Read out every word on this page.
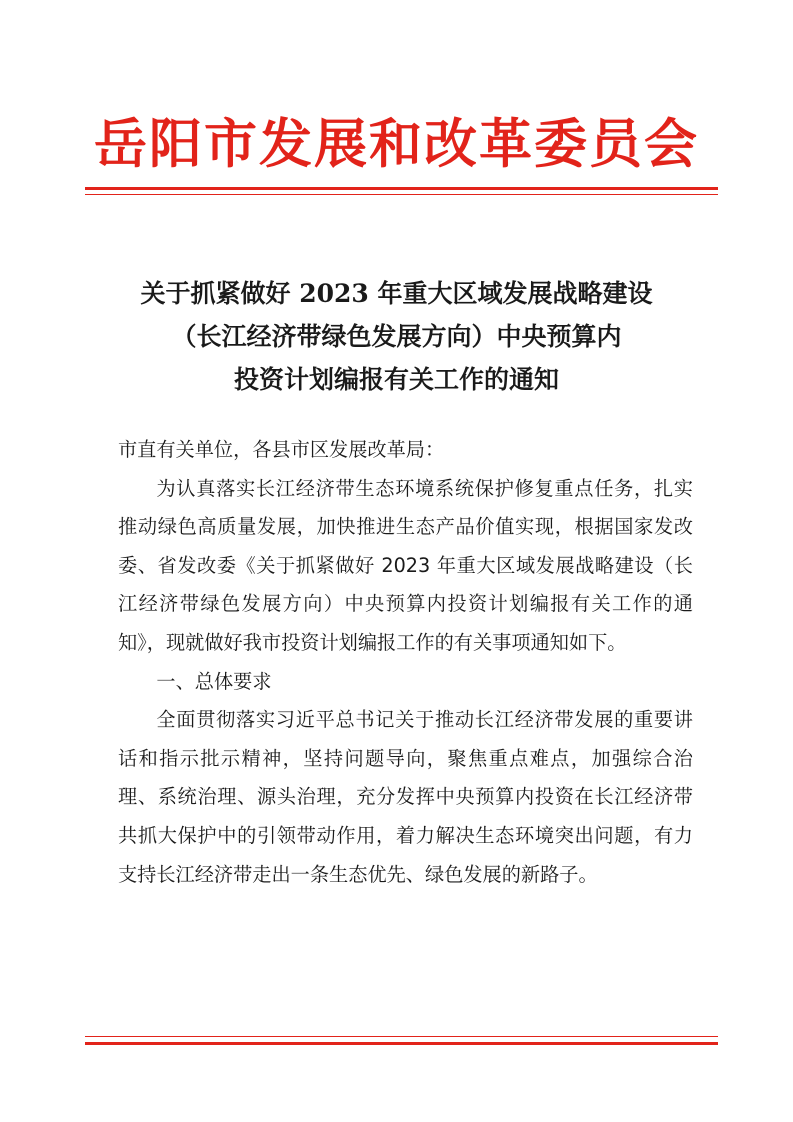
岳阳市发展和改革委员会
关于抓紧做好 2023 年重大区域发展战略建设
（长江经济带绿色发展方向）中央预算内
投资计划编报有关工作的通知

市直有关单位，各县市区发展改革局：

为认真落实长江经济带生态环境系统保护修复重点任务，扎实推动绿色高质量发展，加快推进生态产品价值实现，根据国家发改委、省发改委《关于抓紧做好 2023 年重大区域发展战略建设（长江经济带绿色发展方向）中央预算内投资计划编报有关工作的通知》，现就做好我市投资计划编报工作的有关事项通知如下。

一、总体要求

全面贯彻落实习近平总书记关于推动长江经济带发展的重要讲话和指示批示精神，坚持问题导向，聚焦重点难点，加强综合治理、系统治理、源头治理，充分发挥中央预算内投资在长江经济带共抓大保护中的引领带动作用，着力解决生态环境突出问题，有力支持长江经济带走出一条生态优先、绿色发展的新路子。
